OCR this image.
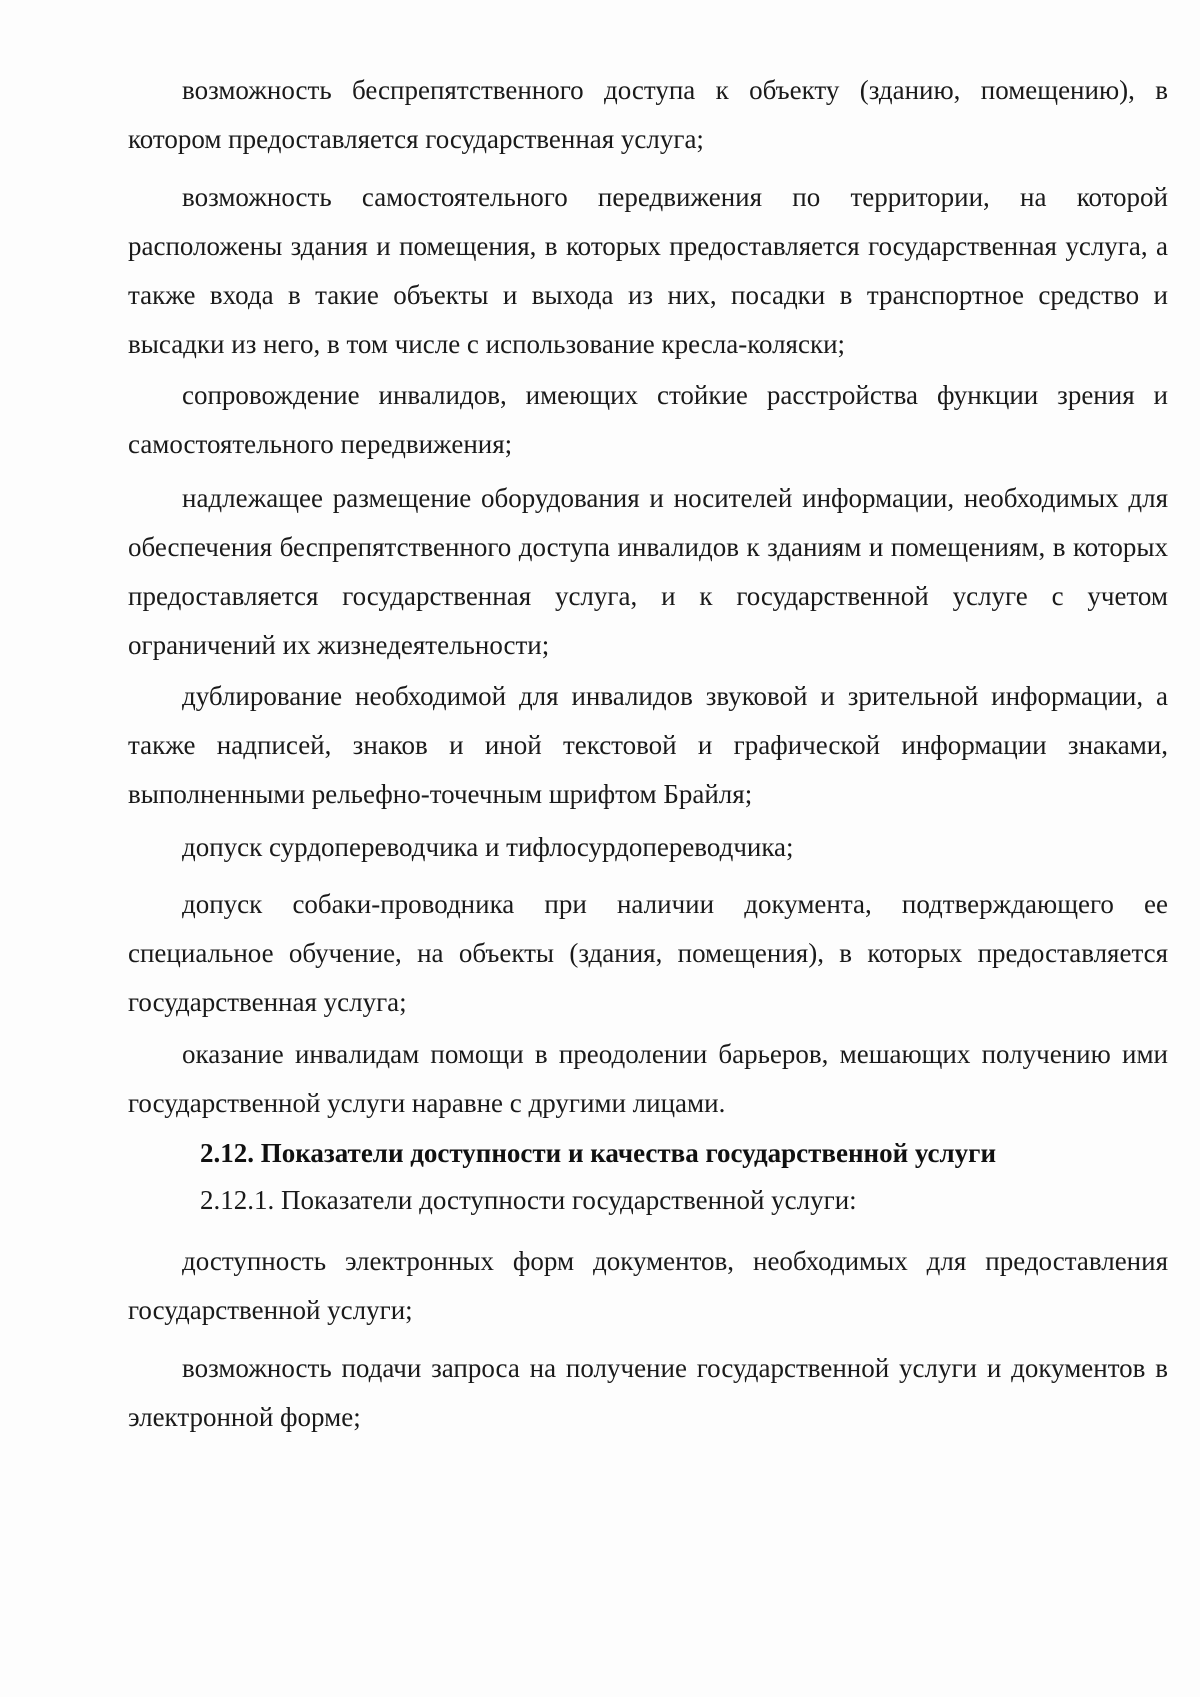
возможность беспрепятственного доступа к объекту (зданию, помещению), в котором предоставляется государственная услуга;

возможность самостоятельного передвижения по территории, на которой расположены здания и помещения, в которых предоставляется государственная услуга, а также входа в такие объекты и выхода из них, посадки в транспортное средство и высадки из него, в том числе с использование кресла-коляски;

сопровождение инвалидов, имеющих стойкие расстройства функции зрения и самостоятельного передвижения;

надлежащее размещение оборудования и носителей информации, необходимых для обеспечения беспрепятственного доступа инвалидов к зданиям и помещениям, в которых предоставляется государственная услуга, и к государственной услуге с учетом ограничений их жизнедеятельности;

дублирование необходимой для инвалидов звуковой и зрительной информации, а также надписей, знаков и иной текстовой и графической информации знаками, выполненными рельефно-точечным шрифтом Брайля;

допуск сурдопереводчика и тифлосурдопереводчика;

допуск собаки-проводника при наличии документа, подтверждающего ее специальное обучение, на объекты (здания, помещения), в которых предоставляется государственная услуга;

оказание инвалидам помощи в преодолении барьеров, мешающих получению ими государственной услуги наравне с другими лицами.

2.12. Показатели доступности и качества государственной услуги
2.12.1. Показатели доступности государственной услуги:

доступность электронных форм документов, необходимых для предоставления государственной услуги;

возможность подачи запроса на получение государственной услуги и документов в электронной форме;
